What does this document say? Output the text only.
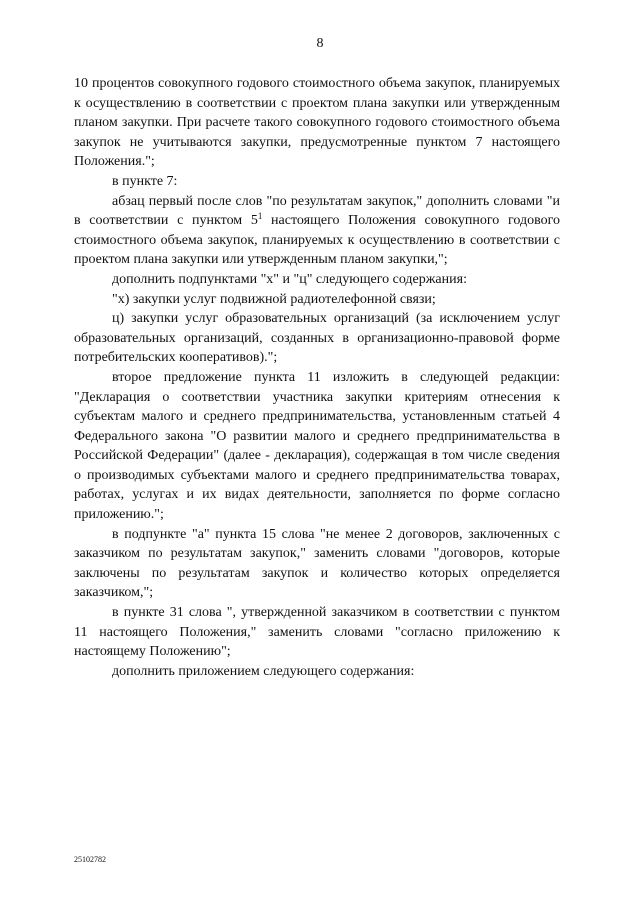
8

10 процентов совокупного годового стоимостного объема закупок, планируемых к осуществлению в соответствии с проектом плана закупки или утвержденным планом закупки. При расчете такого совокупного годового стоимостного объема закупок не учитываются закупки, предусмотренные пунктом 7 настоящего Положения.";

в пункте 7:

абзац первый после слов "по результатам закупок," дополнить словами "и в соответствии с пунктом $5^1$ настоящего Положения совокупного годового стоимостного объема закупок, планируемых к осуществлению в соответствии с проектом плана закупки или утвержденным планом закупки,";

дополнить подпунктами "х" и "ц" следующего содержания:

"х) закупки услуг подвижной радиотелефонной связи;

ц) закупки услуг образовательных организаций (за исключением услуг образовательных организаций, созданных в организационно-правовой форме потребительских кооперативов).";

второе предложение пункта 11 изложить в следующей редакции: "Декларация о соответствии участника закупки критериям отнесения к субъектам малого и среднего предпринимательства, установленным статьей 4 Федерального закона "О развитии малого и среднего предпринимательства в Российской Федерации" (далее - декларация), содержащая в том числе сведения о производимых субъектами малого и среднего предпринимательства товарах, работах, услугах и их видах деятельности, заполняется по форме согласно приложению.";

в подпункте "а" пункта 15 слова "не менее 2 договоров, заключенных с заказчиком по результатам закупок," заменить словами "договоров, которые заключены по результатам закупок и количество которых определяется заказчиком,";

в пункте 31 слова ", утвержденной заказчиком в соответствии с пунктом 11 настоящего Положения," заменить словами "согласно приложению к настоящему Положению";

дополнить приложением следующего содержания:

25102782
